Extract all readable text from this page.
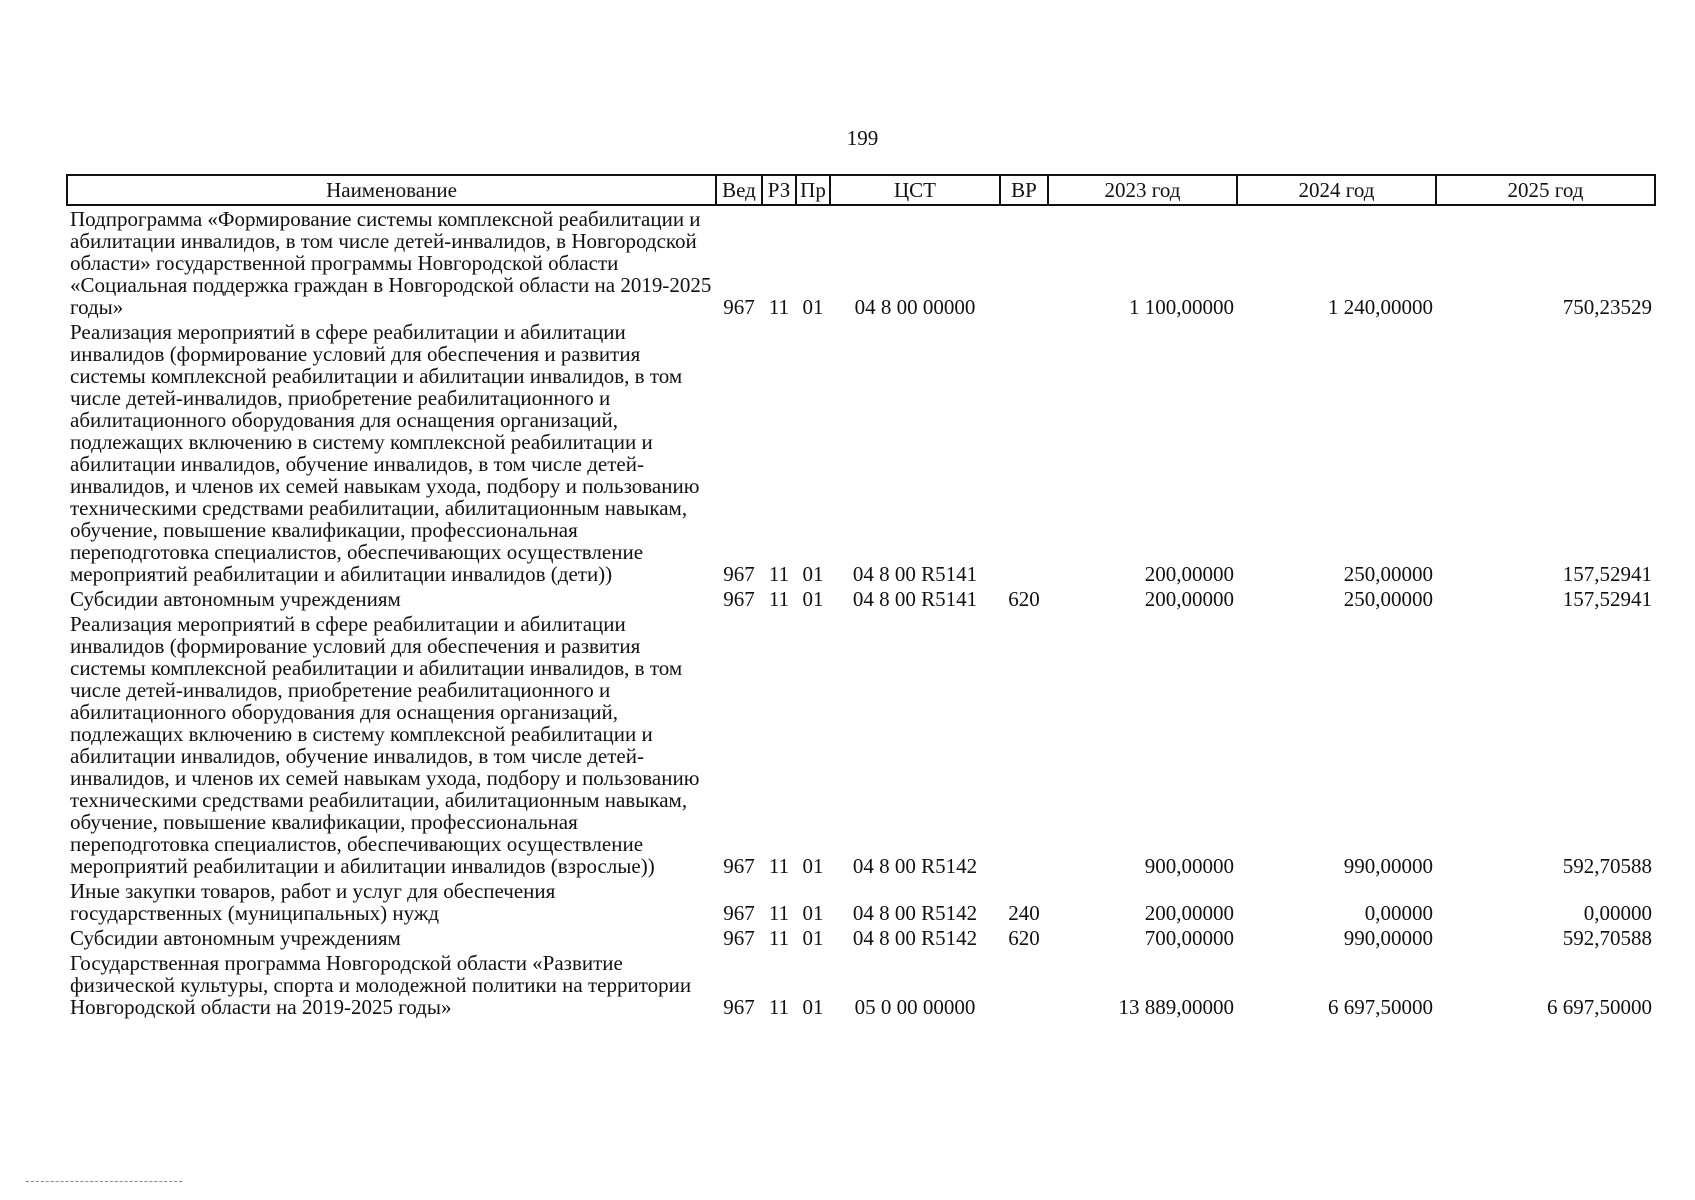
199
Наименование	Вед	РЗ	Пр	ЦСТ	ВР	2023 год	2024 год	2025 год
Подпрограмма «Формирование системы комплексной реабилитации и абилитации инвалидов, в том числе детей-инвалидов, в Новгородской области» государственной программы Новгородской области «Социальная поддержка граждан в Новгородской области на 2019-2025 годы»	967	11	01	04 8 00 00000		1 100,00000	1 240,00000	750,23529
Реализация мероприятий в сфере реабилитации и абилитации инвалидов (формирование условий для обеспечения и развития системы комплексной реабилитации и абилитации инвалидов, в том числе детей-инвалидов, приобретение реабилитационного и абилитационного оборудования для оснащения организаций, подлежащих включению в систему комплексной реабилитации и абилитации инвалидов, обучение инвалидов, в том числе детей-инвалидов, и членов их семей навыкам ухода, подбору и пользованию техническими средствами реабилитации, абилитационным навыкам, обучение, повышение квалификации, профессиональная переподготовка специалистов, обеспечивающих осуществление мероприятий реабилитации и абилитации инвалидов (дети))	967	11	01	04 8 00 R5141		200,00000	250,00000	157,52941
Субсидии автономным учреждениям	967	11	01	04 8 00 R5141	620	200,00000	250,00000	157,52941
Реализация мероприятий в сфере реабилитации и абилитации инвалидов (формирование условий для обеспечения и развития системы комплексной реабилитации и абилитации инвалидов, в том числе детей-инвалидов, приобретение реабилитационного и абилитационного оборудования для оснащения организаций, подлежащих включению в систему комплексной реабилитации и абилитации инвалидов, обучение инвалидов, в том числе детей-инвалидов, и членов их семей навыкам ухода, подбору и пользованию техническими средствами реабилитации, абилитационным навыкам, обучение, повышение квалификации, профессиональная переподготовка специалистов, обеспечивающих осуществление мероприятий реабилитации и абилитации инвалидов (взрослые))	967	11	01	04 8 00 R5142		900,00000	990,00000	592,70588
Иные закупки товаров, работ и услуг для обеспечения государственных (муниципальных) нужд	967	11	01	04 8 00 R5142	240	200,00000	0,00000	0,00000
Субсидии автономным учреждениям	967	11	01	04 8 00 R5142	620	700,00000	990,00000	592,70588
Государственная программа Новгородской области «Развитие физической культуры, спорта и молодежной политики на территории Новгородской области на 2019-2025 годы»	967	11	01	05 0 00 00000		13 889,00000	6 697,50000	6 697,50000
